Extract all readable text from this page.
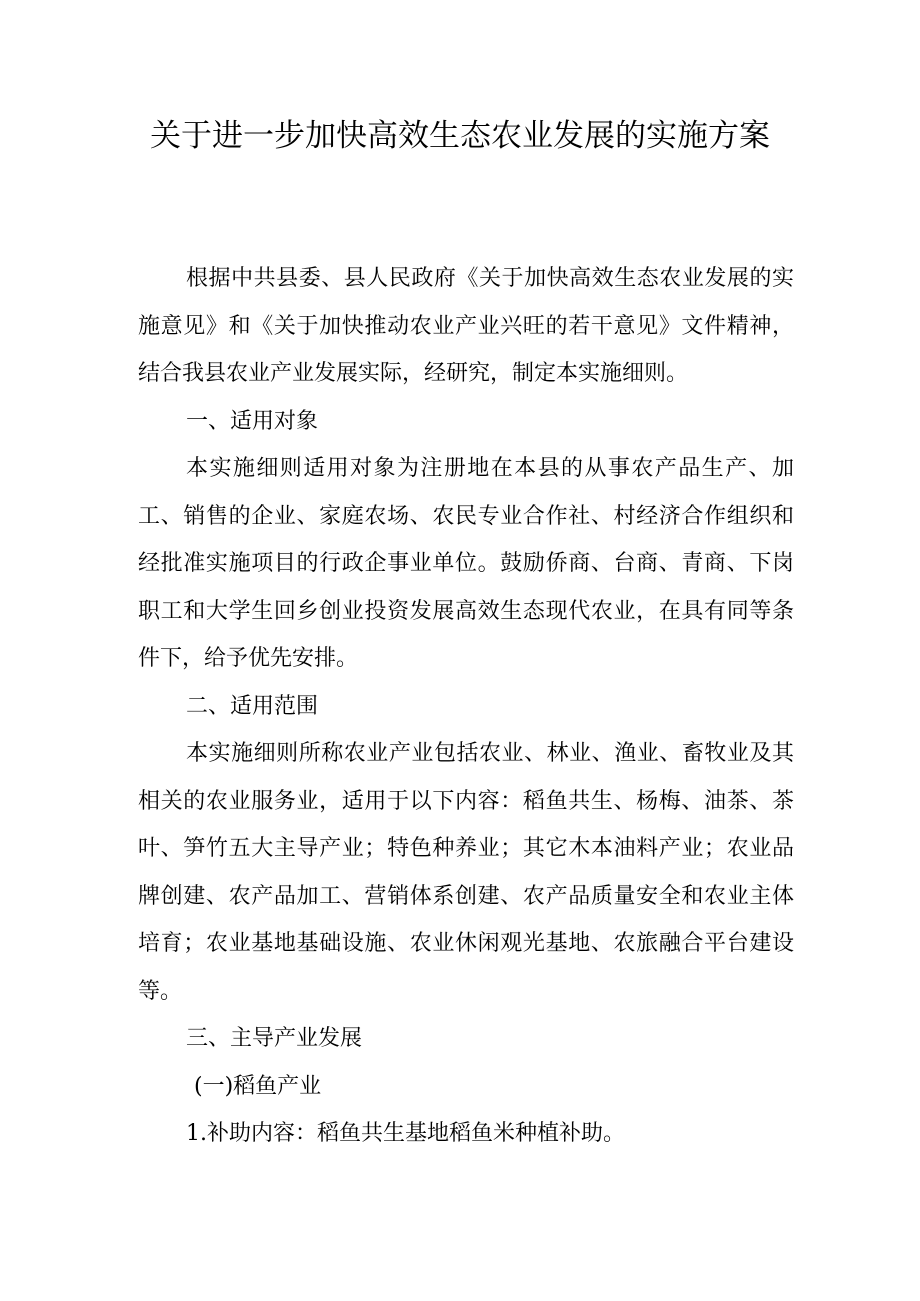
关于进一步加快高效生态农业发展的实施方案

根据中共县委、县人民政府《关于加快高效生态农业发展的实施意见》和《关于加快推动农业产业兴旺的若干意见》文件精神，结合我县农业产业发展实际，经研究，制定本实施细则。

一、适用对象

本实施细则适用对象为注册地在本县的从事农产品生产、加工、销售的企业、家庭农场、农民专业合作社、村经济合作组织和经批准实施项目的行政企事业单位。鼓励侨商、台商、青商、下岗职工和大学生回乡创业投资发展高效生态现代农业，在具有同等条件下，给予优先安排。

二、适用范围

本实施细则所称农业产业包括农业、林业、渔业、畜牧业及其相关的农业服务业，适用于以下内容：稻鱼共生、杨梅、油茶、茶叶、笋竹五大主导产业；特色种养业；其它木本油料产业；农业品牌创建、农产品加工、营销体系创建、农产品质量安全和农业主体培育；农业基地基础设施、农业休闲观光基地、农旅融合平台建设等。

三、主导产业发展

(一)稻鱼产业

1.补助内容：稻鱼共生基地稻鱼米种植补助。
